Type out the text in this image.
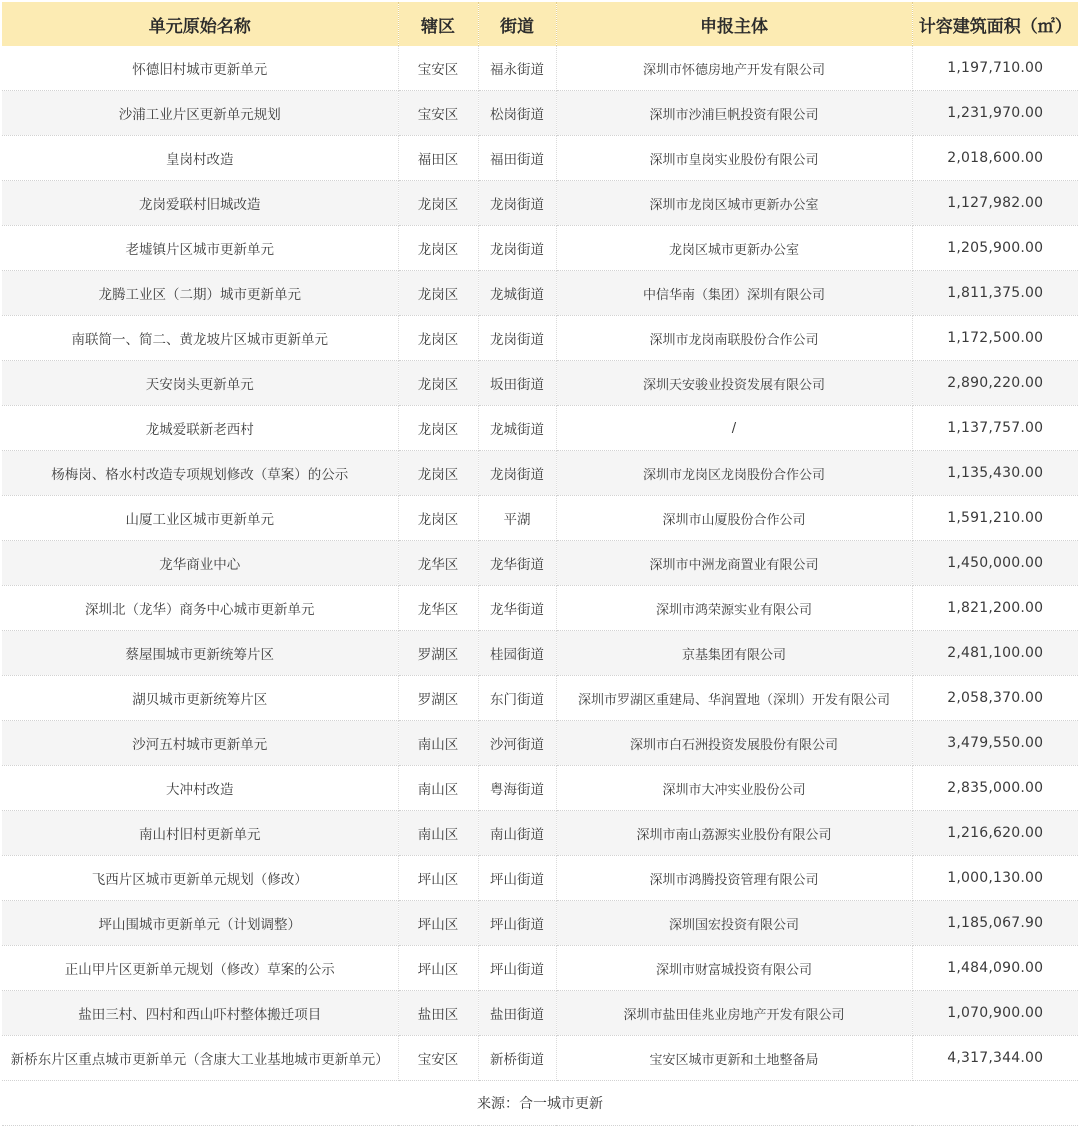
单元原始名称	辖区	街道	申报主体	计容建筑面积（㎡）
怀德旧村城市更新单元	宝安区	福永街道	深圳市怀德房地产开发有限公司	1,197,710.00
沙浦工业片区更新单元规划	宝安区	松岗街道	深圳市沙浦巨帆投资有限公司	1,231,970.00
皇岗村改造	福田区	福田街道	深圳市皇岗实业股份有限公司	2,018,600.00
龙岗爱联村旧城改造	龙岗区	龙岗街道	深圳市龙岗区城市更新办公室	1,127,982.00
老墟镇片区城市更新单元	龙岗区	龙岗街道	龙岗区城市更新办公室	1,205,900.00
龙腾工业区（二期）城市更新单元	龙岗区	龙城街道	中信华南（集团）深圳有限公司	1,811,375.00
南联简一、简二、黄龙坡片区城市更新单元	龙岗区	龙岗街道	深圳市龙岗南联股份合作公司	1,172,500.00
天安岗头更新单元	龙岗区	坂田街道	深圳天安骏业投资发展有限公司	2,890,220.00
龙城爱联新老西村	龙岗区	龙城街道	/	1,137,757.00
杨梅岗、格水村改造专项规划修改（草案）的公示	龙岗区	龙岗街道	深圳市龙岗区龙岗股份合作公司	1,135,430.00
山厦工业区城市更新单元	龙岗区	平湖	深圳市山厦股份合作公司	1,591,210.00
龙华商业中心	龙华区	龙华街道	深圳市中洲龙商置业有限公司	1,450,000.00
深圳北（龙华）商务中心城市更新单元	龙华区	龙华街道	深圳市鸿荣源实业有限公司	1,821,200.00
蔡屋围城市更新统筹片区	罗湖区	桂园街道	京基集团有限公司	2,481,100.00
湖贝城市更新统筹片区	罗湖区	东门街道	深圳市罗湖区重建局、华润置地（深圳）开发有限公司	2,058,370.00
沙河五村城市更新单元	南山区	沙河街道	深圳市白石洲投资发展股份有限公司	3,479,550.00
大冲村改造	南山区	粤海街道	深圳市大冲实业股份公司	2,835,000.00
南山村旧村更新单元	南山区	南山街道	深圳市南山荔源实业股份有限公司	1,216,620.00
飞西片区城市更新单元规划（修改）	坪山区	坪山街道	深圳市鸿腾投资管理有限公司	1,000,130.00
坪山围城市更新单元（计划调整）	坪山区	坪山街道	深圳国宏投资有限公司	1,185,067.90
正山甲片区更新单元规划（修改）草案的公示	坪山区	坪山街道	深圳市财富城投资有限公司	1,484,090.00
盐田三村、四村和西山吓村整体搬迁项目	盐田区	盐田街道	深圳市盐田佳兆业房地产开发有限公司	1,070,900.00
新桥东片区重点城市更新单元（含康大工业基地城市更新单元）	宝安区	新桥街道	宝安区城市更新和土地整备局	4,317,344.00
来源：合一城市更新				
